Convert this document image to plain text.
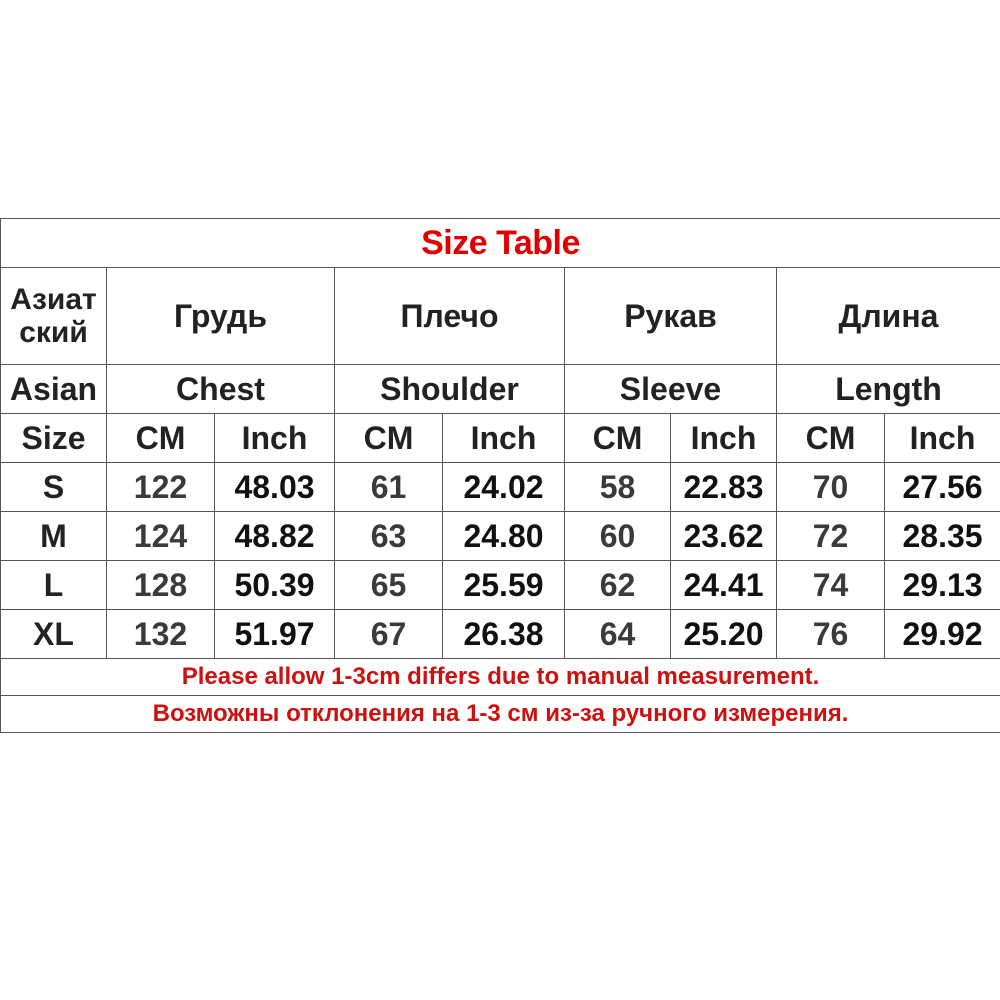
Size Table								
Азиат ский	Грудь		Плечо		Рукав		Длина	
Asian	Chest		Shoulder		Sleeve		Length	
Size	CM	Inch	CM	Inch	CM	Inch	CM	Inch
S	122	48.03	61	24.02	58	22.83	70	27.56
M	124	48.82	63	24.80	60	23.62	72	28.35
L	128	50.39	65	25.59	62	24.41	74	29.13
XL	132	51.97	67	26.38	64	25.20	76	29.92
Please allow 1-3cm differs due to manual measurement.								
Возможны отклонения на 1-3 см из-за ручного измерения.								
